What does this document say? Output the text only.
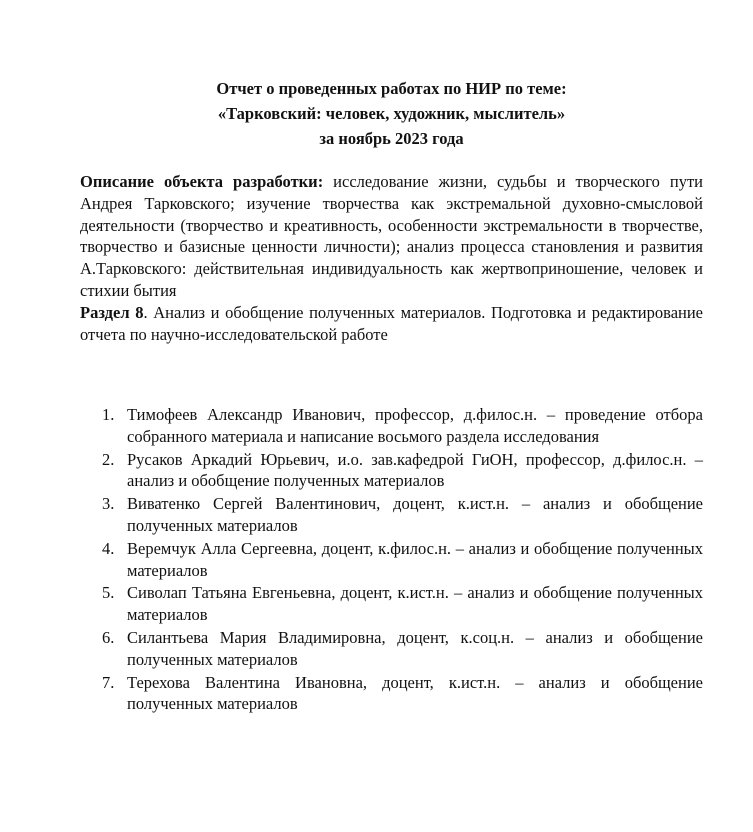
Отчет о проведенных работах по НИР по теме:
«Тарковский: человек, художник, мыслитель»
за ноябрь 2023 года

Описание объекта разработки: исследование жизни, судьбы и творческого пути Андрея Тарковского; изучение творчества как экстремальной духовно-смысловой деятельности (творчество и креативность, особенности экстремальности в творчестве, творчество и базисные ценности личности); анализ процесса становления и развития А.Тарковского: действительная индивидуальность как жертвоприношение, человек и стихии бытия

Раздел 8. Анализ и обобщение полученных материалов. Подготовка и редактирование отчета по научно-исследовательской работе

1. Тимофеев Александр Иванович, профессор, д.филос.н. – проведение отбора собранного материала и написание восьмого раздела исследования
2. Русаков Аркадий Юрьевич, и.о. зав.кафедрой ГиОН, профессор, д.филос.н. – анализ и обобщение полученных материалов
3. Виватенко Сергей Валентинович, доцент, к.ист.н. – анализ и обобщение полученных материалов
4. Веремчук Алла Сергеевна, доцент, к.филос.н. – анализ и обобщение полученных материалов
5. Сиволап Татьяна Евгеньевна, доцент, к.ист.н. – анализ и обобщение полученных материалов
6. Силантьева Мария Владимировна, доцент, к.соц.н. – анализ и обобщение полученных материалов
7. Терехова Валентина Ивановна, доцент, к.ист.н. – анализ и обобщение полученных материалов
